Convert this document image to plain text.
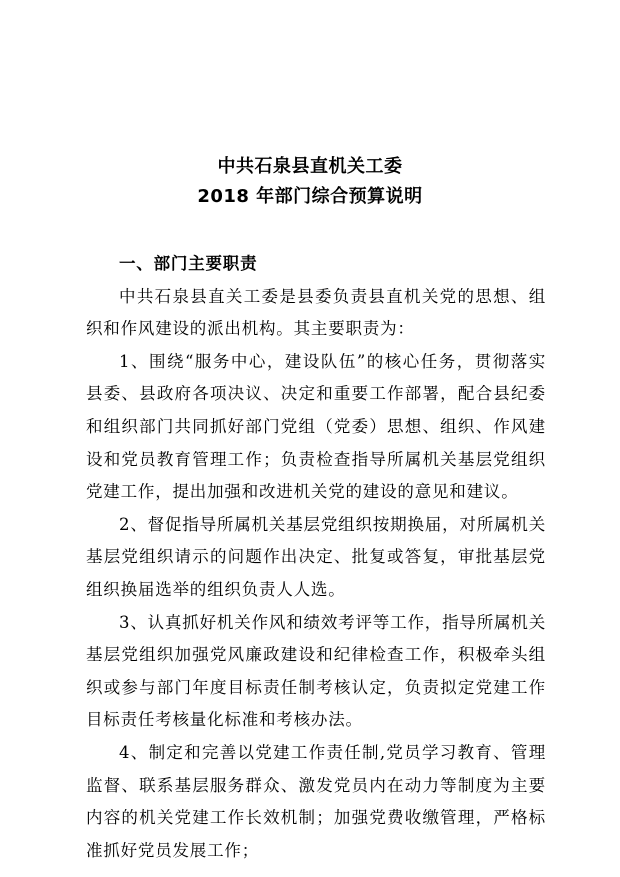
中共石泉县直机关工委
2018 年部门综合预算说明

一、部门主要职责

中共石泉县直关工委是县委负责县直机关党的思想、组织和作风建设的派出机构。其主要职责为：

1、围绕“服务中心，建设队伍”的核心任务，贯彻落实县委、县政府各项决议、决定和重要工作部署，配合县纪委和组织部门共同抓好部门党组（党委）思想、组织、作风建设和党员教育管理工作；负责检查指导所属机关基层党组织党建工作，提出加强和改进机关党的建设的意见和建议。

2、督促指导所属机关基层党组织按期换届，对所属机关基层党组织请示的问题作出决定、批复或答复，审批基层党组织换届选举的组织负责人人选。

3、认真抓好机关作风和绩效考评等工作，指导所属机关基层党组织加强党风廉政建设和纪律检查工作，积极牵头组织或参与部门年度目标责任制考核认定，负责拟定党建工作目标责任考核量化标准和考核办法。

4、制定和完善以党建工作责任制,党员学习教育、管理监督、联系基层服务群众、激发党员内在动力等制度为主要内容的机关党建工作长效机制；加强党费收缴管理，严格标准抓好党员发展工作；
